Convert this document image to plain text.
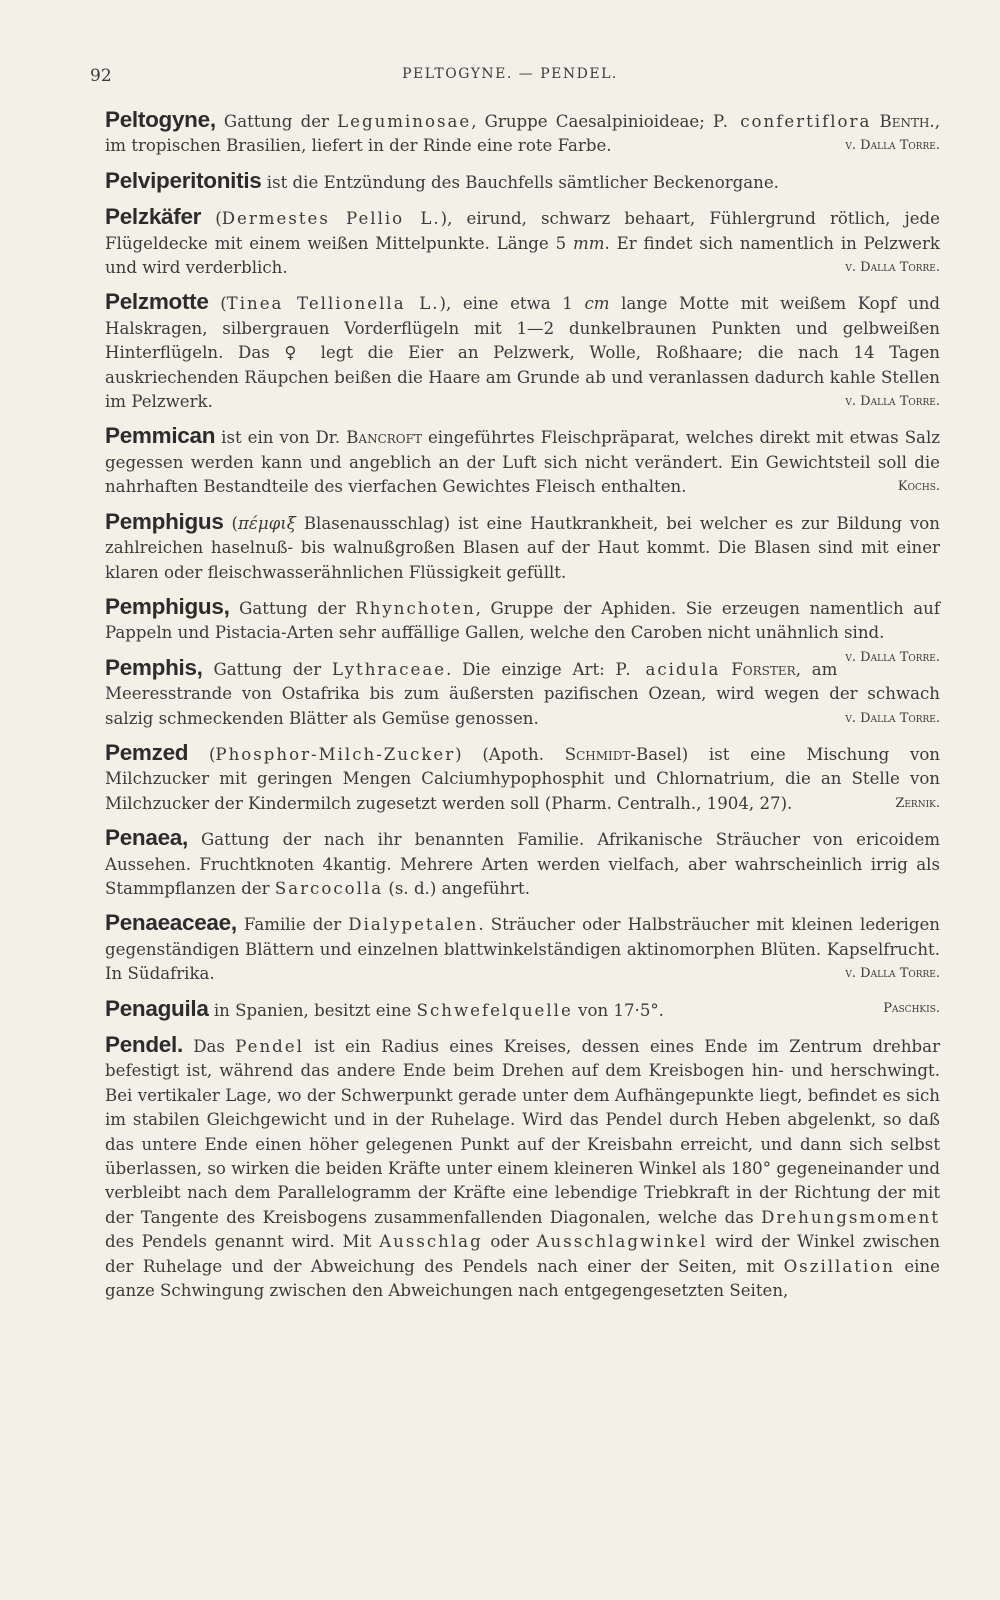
92	PELTOGYNE. — PENDEL.

Peltogyne, Gattung der Leguminosae, Gruppe Caesalpinioideae; P. confertiflora Benth., im tropischen Brasilien, liefert in der Rinde eine rote Farbe.	v. Dalla Torre.

Pelviperitonitis ist die Entzündung des Bauchfells sämtlicher Beckenorgane.

Pelzkäfer (Dermestes Pellio L.), eirund, schwarz behaart, Fühlergrund rötlich, jede Flügeldecke mit einem weißen Mittelpunkte. Länge 5 mm. Er findet sich namentlich in Pelzwerk und wird verderblich.	v. Dalla Torre.

Pelzmotte (Tinea Tellionella L.), eine etwa 1 cm lange Motte mit weißem Kopf und Halskragen, silbergrauen Vorderflügeln mit 1—2 dunkelbraunen Punkten und gelbweißen Hinterflügeln. Das ♀ legt die Eier an Pelzwerk, Wolle, Roßhaare; die nach 14 Tagen auskriechenden Räupchen beißen die Haare am Grunde ab und veranlassen dadurch kahle Stellen im Pelzwerk.	v. Dalla Torre.

Pemmican ist ein von Dr. Bancroft eingeführtes Fleischpräparat, welches direkt mit etwas Salz gegessen werden kann und angeblich an der Luft sich nicht verändert. Ein Gewichtsteil soll die nahrhaften Bestandteile des vierfachen Gewichtes Fleisch enthalten.	Kochs.

Pemphigus (πέμφιξ Blasenausschlag) ist eine Hautkrankheit, bei welcher es zur Bildung von zahlreichen haselnuß- bis walnußgroßen Blasen auf der Haut kommt. Die Blasen sind mit einer klaren oder fleischwasserähnlichen Flüssigkeit gefüllt.

Pemphigus, Gattung der Rhynchoten, Gruppe der Aphiden. Sie erzeugen namentlich auf Pappeln und Pistacia-Arten sehr auffällige Gallen, welche den Caroben nicht unähnlich sind.
v. Dalla Torre.

Pemphis, Gattung der Lythraceae. Die einzige Art: P. acidula Forster, am Meeresstrande von Ostafrika bis zum äußersten pazifischen Ozean, wird wegen der schwach salzig schmeckenden Blätter als Gemüse genossen.	v. Dalla Torre.

Pemzed (Phosphor-Milch-Zucker) (Apoth. Schmidt-Basel) ist eine Mischung von Milchzucker mit geringen Mengen Calciumhypophosphit und Chlornatrium, die an Stelle von Milchzucker der Kindermilch zugesetzt werden soll (Pharm. Centralh., 1904, 27).	Zernik.

Penaea, Gattung der nach ihr benannten Familie. Afrikanische Sträucher von ericoidem Aussehen. Fruchtknoten 4kantig. Mehrere Arten werden vielfach, aber wahrscheinlich irrig als Stammpflanzen der Sarcocolla (s. d.) angeführt.

Penaeaceae, Familie der Dialypetalen. Sträucher oder Halbsträucher mit kleinen lederigen gegenständigen Blättern und einzelnen blattwinkelständigen aktinomorphen Blüten. Kapselfrucht. In Südafrika.	v. Dalla Torre.

Penaguila in Spanien, besitzt eine Schwefelquelle von 17·5°.	Paschkis.

Pendel. Das Pendel ist ein Radius eines Kreises, dessen eines Ende im Zentrum drehbar befestigt ist, während das andere Ende beim Drehen auf dem Kreisbogen hin- und herschwingt. Bei vertikaler Lage, wo der Schwerpunkt gerade unter dem Aufhängepunkte liegt, befindet es sich im stabilen Gleichgewicht und in der Ruhelage. Wird das Pendel durch Heben abgelenkt, so daß das untere Ende einen höher gelegenen Punkt auf der Kreisbahn erreicht, und dann sich selbst überlassen, so wirken die beiden Kräfte unter einem kleineren Winkel als 180° gegeneinander und verbleibt nach dem Parallelogramm der Kräfte eine lebendige Triebkraft in der Richtung der mit der Tangente des Kreisbogens zusammenfallenden Diagonalen, welche das Drehungsmoment des Pendels genannt wird. Mit Ausschlag oder Ausschlagwinkel wird der Winkel zwischen der Ruhelage und der Abweichung des Pendels nach einer der Seiten, mit Oszillation eine ganze Schwingung zwischen den Abweichungen nach entgegengesetzten Seiten,
